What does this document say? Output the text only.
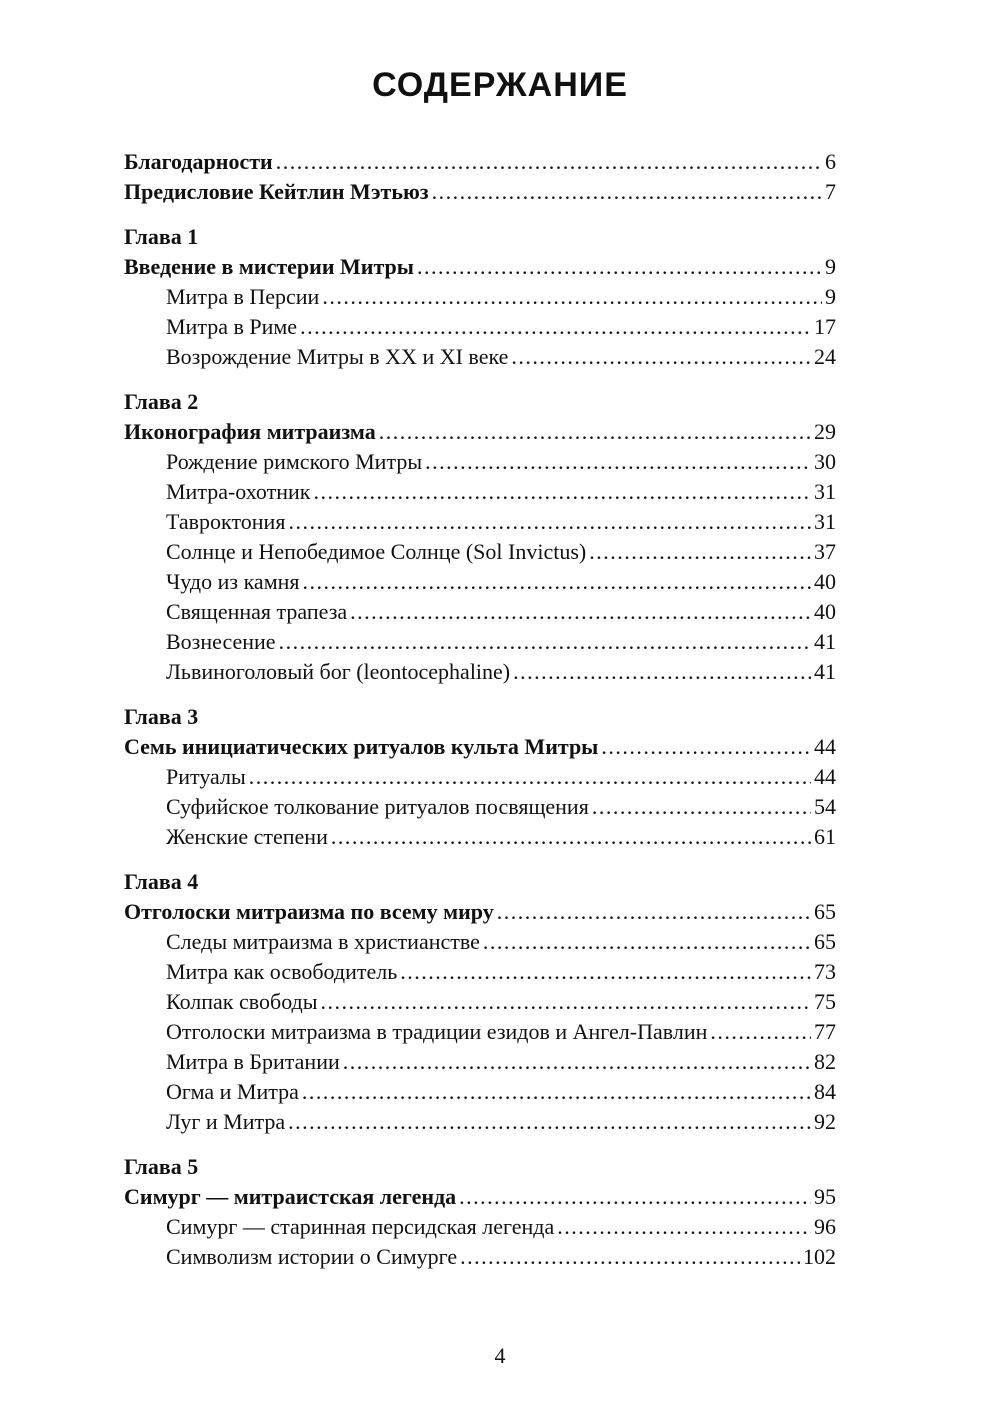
СОДЕРЖАНИЕ
Благодарности . . .	6
Предисловие Кейтлин Мэтьюз . . .	7
Глава 1
Введение в мистерии Митры . . .	9
Митра в Персии . . .	9
Митра в Риме . . .	17
Возрождение Митры в XX и XI веке . . .	24
Глава 2
Иконография митраизма . . .	29
Рождение римского Митры . . .	30
Митра-охотник . . .	31
Тавроктония . . .	31
Солнце и Непобедимое Солнце (Sol Invictus) . . .	37
Чудо из камня . . .	40
Священная трапеза . . .	40
Вознесение . . .	41
Львиноголовый бог (leontocephaline) . . .	41
Глава 3
Семь инициатических ритуалов культа Митры . . .	44
Ритуалы . . .	44
Суфийское толкование ритуалов посвящения . . .	54
Женские степени . . .	61
Глава 4
Отголоски митраизма по всему миру . . .	65
Следы митраизма в христианстве . . .	65
Митра как освободитель . . .	73
Колпак свободы . . .	75
Отголоски митраизма в традиции езидов и Ангел-Павлин . . .	77
Митра в Британии . . .	82
Огма и Митра . . .	84
Луг и Митра . . .	92
Глава 5
Симург — митраистская легенда . . .	95
Симург — старинная персидская легенда . . .	96
Символизм истории о Симурге . . .	102
4
